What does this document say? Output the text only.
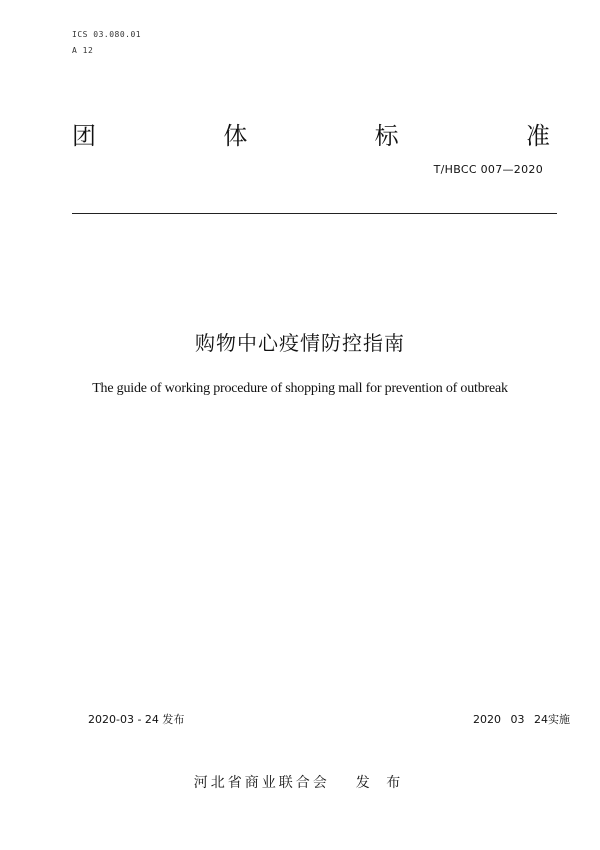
ICS 03.080.01
A 12
团	体	标	准
T/HBCC 007—2020
购物中心疫情防控指南
The guide of working procedure of shopping mall for prevention of outbreak
2020-03 - 24 发布	2020 03 24实施
河北省商业联合会 发 布
